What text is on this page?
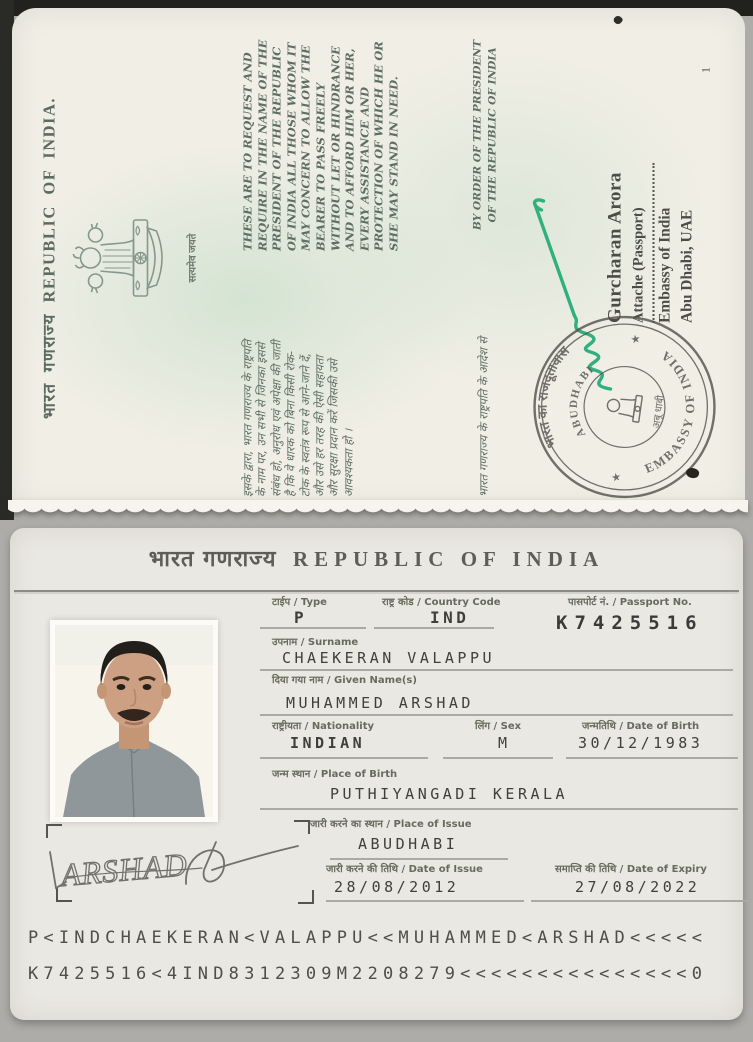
भारत गणराज्य REPUBLIC OF INDIA.	सत्यमेव जयते
इसके द्वारा, भारत गणराज्य के राष्ट्रपति के नाम पर, उन सभी से जिनका इससे संबंध हो, अनुरोध एवं अपेक्षा की जाती है कि वे धारक को बिना किसी रोक- टोक के स्वतंत्र रूप से आने-जाने दें, और उसे हर तरह की ऐसी सहायता और सुरक्षा प्रदान करें जिसकी उसे आवश्यकता हो ।
THESE ARE TO REQUEST AND REQUIRE IN THE NAME OF THE PRESIDENT OF THE REPUBLIC OF INDIA ALL THOSE WHOM IT MAY CONCERN TO ALLOW THE BEARER TO PASS FREELY WITHOUT LET OR HINDRANCE AND TO AFFORD HIM OR HER, EVERY ASSISTANCE AND PROTECTION OF WHICH HE OR SHE MAY STAND IN NEED.
भारत गणराज्य के राष्ट्रपति के आदेश से
BY ORDER OF THE PRESIDENT OF THE REPUBLIC OF INDIA
Gurcharan Arora Attache (Passport) Embassy of India Abu Dhabi, UAE
भारत का राजदूतावास
EMBASSY OF INDIA
ABUDHABI
★
★
अबू धाबी
1
भारत गणराज्य REPUBLIC OF INDIA
टाईप / Type
P
राष्ट्र कोड / Country Code
IND
पासपोर्ट नं. / Passport No.
K7425516
उपनाम / Surname
CHAEKERAN VALAPPU
दिया गया नाम / Given Name(s)
MUHAMMED ARSHAD
राष्ट्रीयता / Nationality
INDIAN
लिंग / Sex
M
जन्मतिथि / Date of Birth
30/12/1983
जन्म स्थान / Place of Birth
PUTHIYANGADI KERALA
जारी करने का स्थान / Place of Issue
ABUDHABI
जारी करने की तिथि / Date of Issue
28/08/2012
समाप्ति की तिथि / Date of Expiry
27/08/2022
ARSHAD
P<INDCHAEKERAN<VALAPPU<<MUHAMMED<ARSHAD<<<<<
K7425516<4IND8312309M2208279<<<<<<<<<<<<<<<0
